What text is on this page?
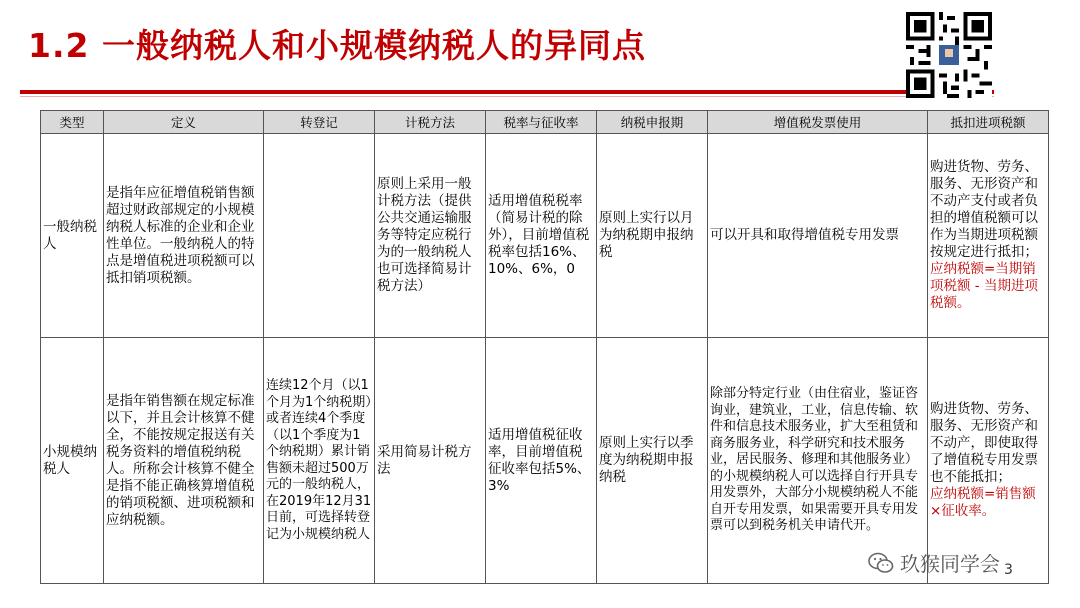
1.2 一般纳税人和小规模纳税人的异同点
类型	定义	转登记	计税方法	税率与征收率	纳税申报期	增值税发票使用	抵扣进项税额
一般纳税人	是指年应征增值税销售额超过财政部规定的小规模纳税人标准的企业和企业性单位。一般纳税人的特点是增值税进项税额可以抵扣销项税额。		原则上采用一般计税方法（提供公共交通运输服务等特定应税行为的一般纳税人也可选择简易计税方法）	适用增值税税率（简易计税的除外），目前增值税税率包括16%、10%、6%，0	原则上实行以月为纳税期申报纳税	可以开具和取得增值税专用发票	购进货物、劳务、服务、无形资产和不动产支付或者负担的增值税额可以作为当期进项税额按规定进行抵扣；
应纳税额=当期销项税额 - 当期进项税额。

小规模纳税人	是指年销售额在规定标准以下，并且会计核算不健全，不能按规定报送有关税务资料的增值税纳税人。所称会计核算不健全是指不能正确核算增值税的销项税额、进项税额和应纳税额。	连续12个月（以1个月为1个纳税期）或者连续4个季度（以1个季度为1个纳税期）累计销售额未超过500万元的一般纳税人，在2019年12月31日前，可选择转登记为小规模纳税人	采用简易计税方法	适用增值税征收率，目前增值税征收率包括5%、3%	原则上实行以季度为纳税期申报纳税	除部分特定行业（由住宿业，鉴证咨询业，建筑业，工业，信息传输、软件和信息技术服务业，扩大至租赁和商务服务业，科学研究和技术服务业，居民服务、修理和其他服务业）的小规模纳税人可以选择自行开具专用发票外，大部分小规模纳税人不能自开专用发票，如果需要开具专用发票可以到税务机关申请代开。	购进货物、劳务、服务、无形资产和不动产，即使取得了增值税专用发票也不能抵扣；
应纳税额=销售额×征收率。
玖猴同学会 3
